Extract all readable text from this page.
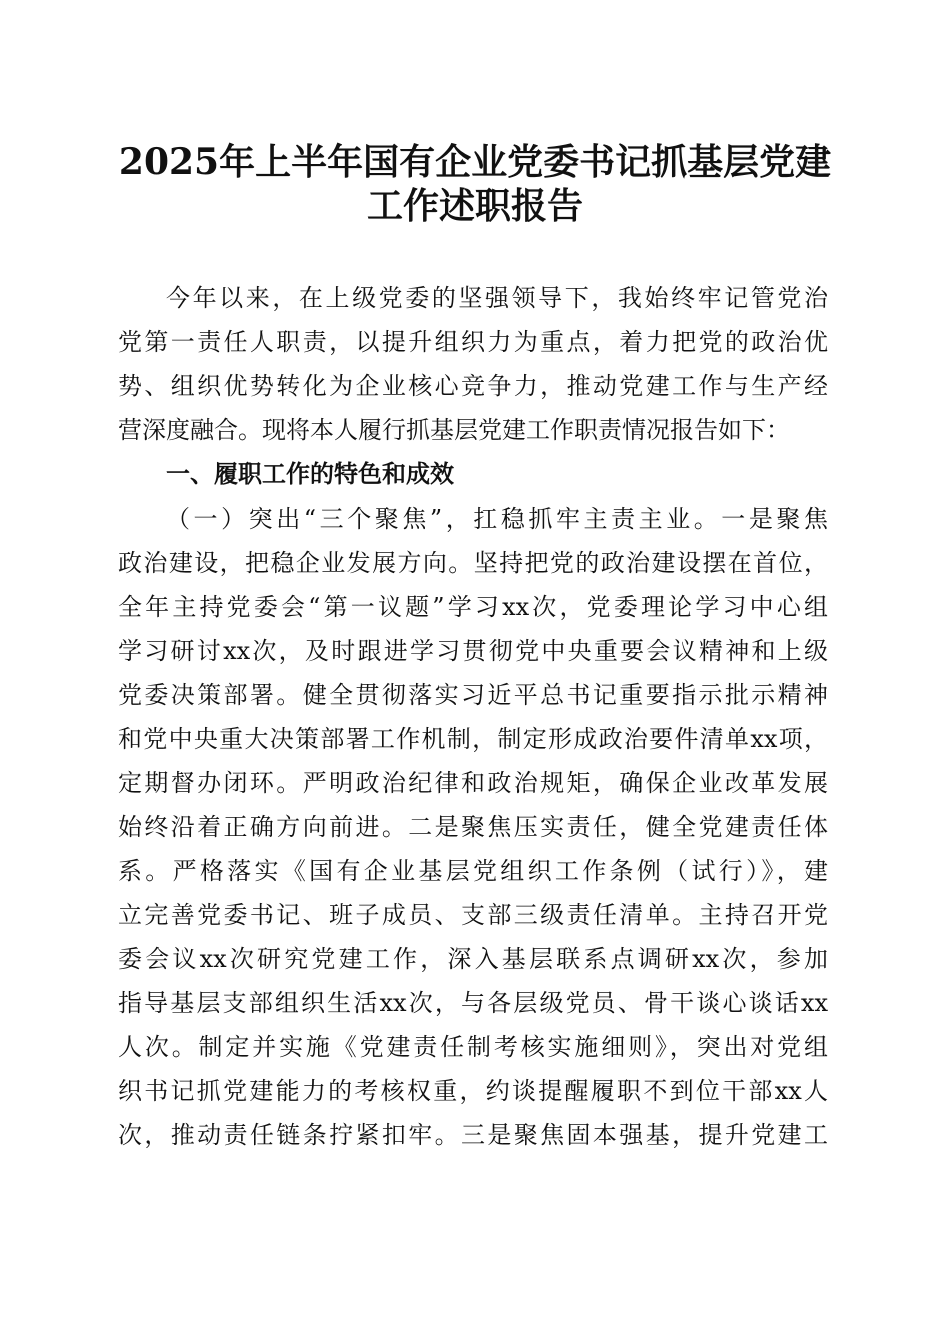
2025年上半年国有企业党委书记抓基层党建
工作述职报告
今年以来，在上级党委的坚强领导下，我始终牢记管党治
党第一责任人职责，以提升组织力为重点，着力把党的政治优
势、组织优势转化为企业核心竞争力，推动党建工作与生产经
营深度融合。现将本人履行抓基层党建工作职责情况报告如下：
一、履职工作的特色和成效
（一）突出“三个聚焦”，扛稳抓牢主责主业。一是聚焦
政治建设，把稳企业发展方向。坚持把党的政治建设摆在首位，
全年主持党委会“第一议题”学习xx次，党委理论学习中心组
学习研讨xx次，及时跟进学习贯彻党中央重要会议精神和上级
党委决策部署。健全贯彻落实习近平总书记重要指示批示精神
和党中央重大决策部署工作机制，制定形成政治要件清单xx项，
定期督办闭环。严明政治纪律和政治规矩，确保企业改革发展
始终沿着正确方向前进。二是聚焦压实责任，健全党建责任体
系。严格落实《国有企业基层党组织工作条例（试行）》，建
立完善党委书记、班子成员、支部三级责任清单。主持召开党
委会议xx次研究党建工作，深入基层联系点调研xx次，参加
指导基层支部组织生活xx次，与各层级党员、骨干谈心谈话xx
人次。制定并实施《党建责任制考核实施细则》，突出对党组
织书记抓党建能力的考核权重，约谈提醒履职不到位干部xx人
次，推动责任链条拧紧扣牢。三是聚焦固本强基，提升党建工
